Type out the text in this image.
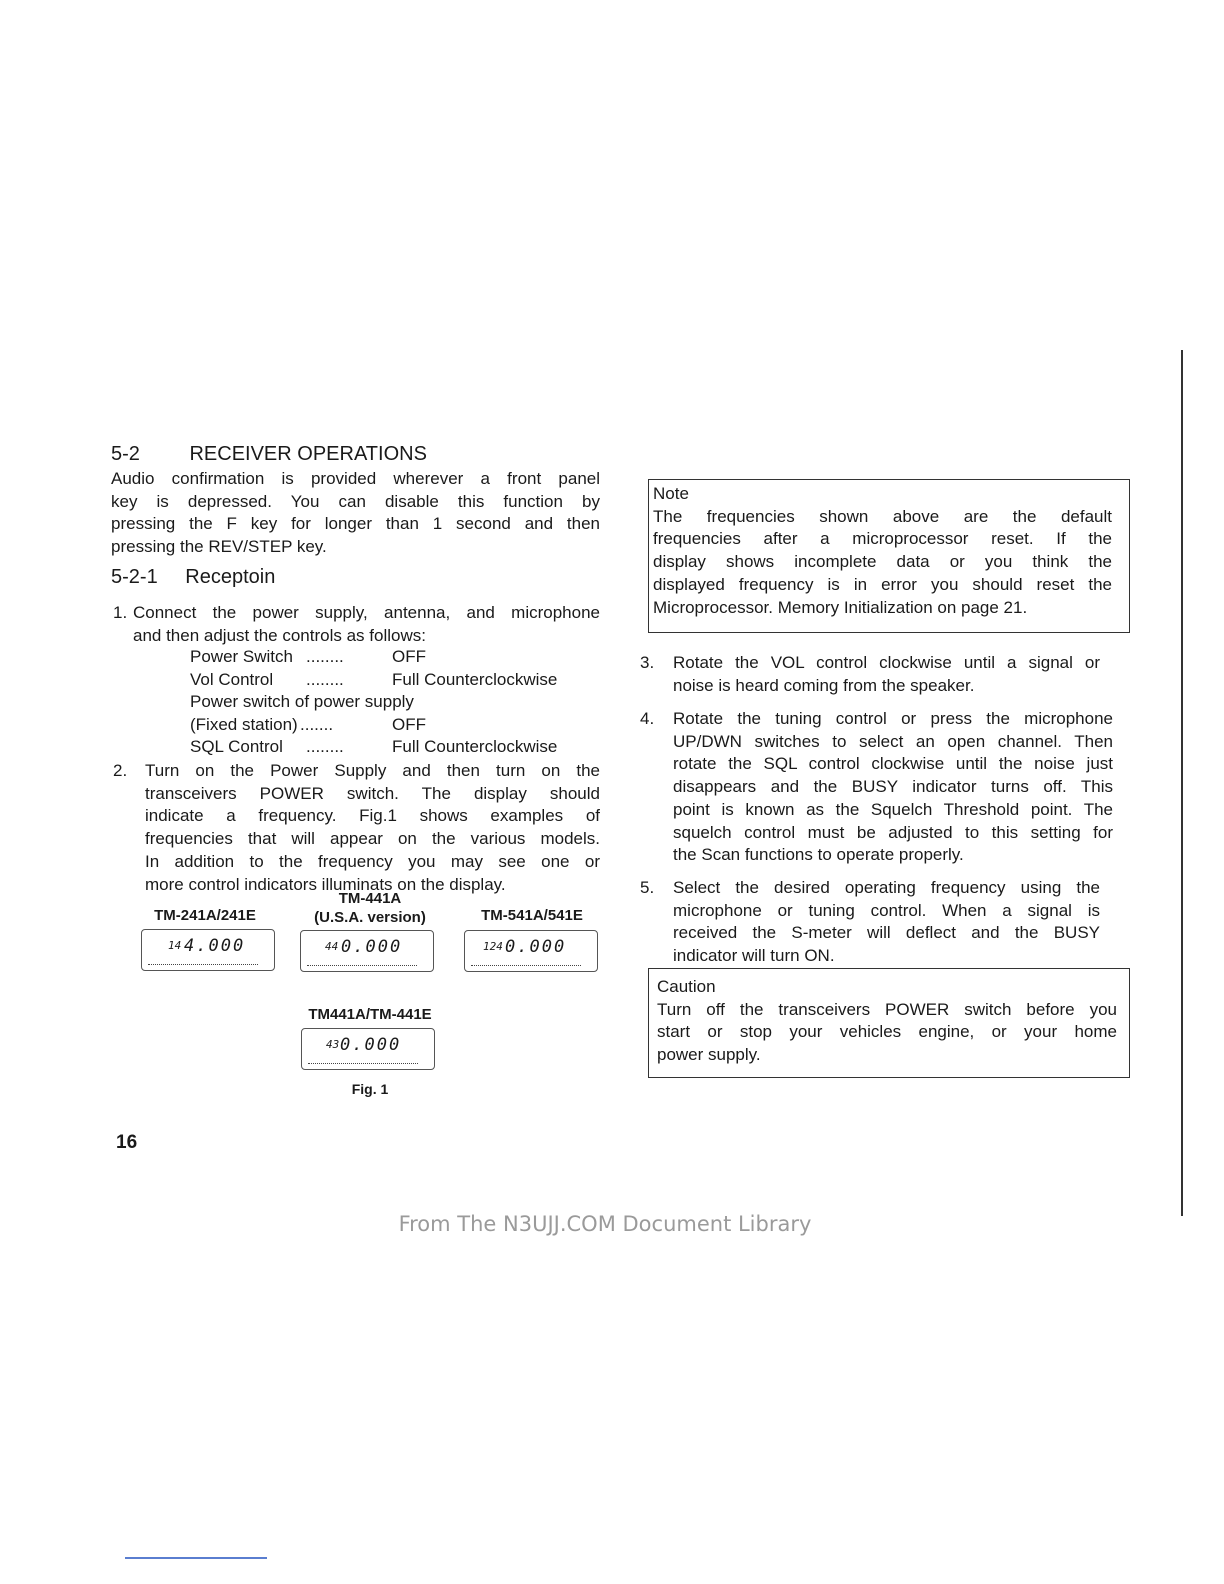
5-2 RECEIVER OPERATIONS
Audio confirmation is provided wherever a front panel
key is depressed. You can disable this function by
pressing the F key for longer than 1 second and then
pressing the REV/STEP key.
5-2-1 Receptoin
Connect the power supply, antenna, and microphone
and then adjust the controls as follows:
1.
Power Switch ........	OFF
Vol Control ........	Full Counterclockwise
Power switch of power supply
(Fixed station) .......	OFF
SQL Control ........	Full Counterclockwise
Turn on the Power Supply and then turn on the
transceivers POWER switch. The display should
indicate a frequency. Fig.1 shows examples of
frequencies that will appear on the various models.
In addition to the frequency you may see one or
more control indicators illuminats on the display.
2.
TM-241A/241E
TM-441A
(U.S.A. version)	TM-541A/541E
TM441A/TM-441E
14 4.000	44 0.000	124 0.000
43 0.000
Fig. 1
16
Note
The frequencies shown above are the default
frequencies after a microprocessor reset. If the
display shows incomplete data or you think the
displayed frequency is in error you should reset the
Microprocessor. Memory Initialization on page 21.
Rotate the VOL control clockwise until a signal or
noise is heard coming from the speaker.
3.
Rotate the tuning control or press the microphone
UP/DWN switches to select an open channel. Then
rotate the SQL control clockwise until the noise just
disappears and the BUSY indicator turns off. This
point is known as the Squelch Threshold point. The
squelch control must be adjusted to this setting for
the Scan functions to operate properly.
4.
Select the desired operating frequency using the
microphone or tuning control. When a signal is
received the S-meter will deflect and the BUSY
indicator will turn ON.
5.
Caution
Turn off the transceivers POWER switch before you
start or stop your vehicles engine, or your home
power supply.
From The N3UJJ.COM Document Library
